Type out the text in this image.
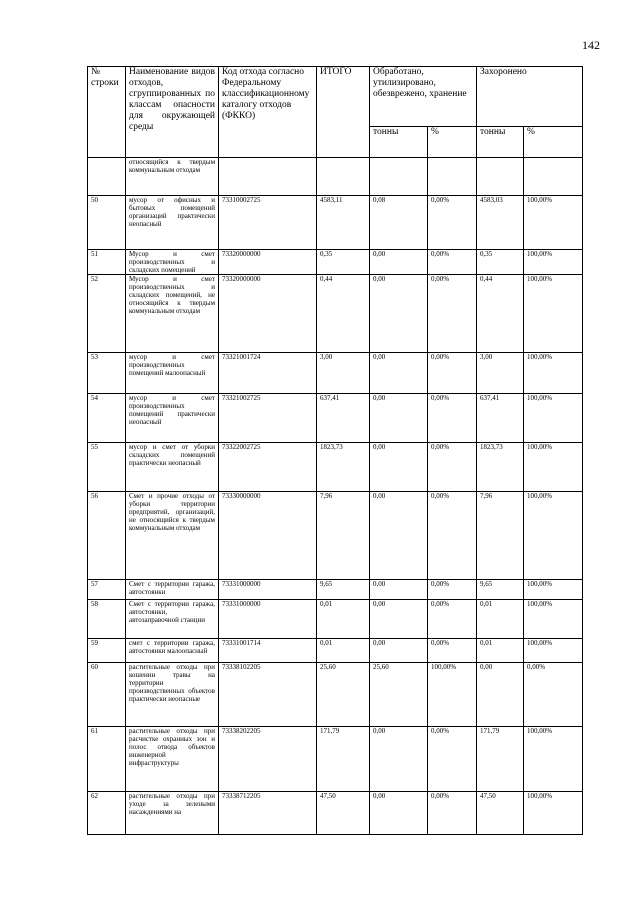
142
№ строки	Наименование видов отходов, сгруппированных по классам опасности для окружающей среды	Код отхода согласно Федеральному классификационному каталогу отходов (ФККО)	ИТОГО	Обработано, утилизировано, обезврежено, хранение		Захоронено	
				тонны	%	тонны	%
	относящийся к твердым коммунальным отходам						
50	мусор от офисных и бытовых помещений организаций практически неопасный	73310002725	4583,11	0,08	0,00%	4583,03	100,00%
51	Мусор и смет производственных и складских помещений	73320000000	0,35	0,00	0,00%	0,35	100,00%
52	Мусор и смет производственных и складских помещений, не относящийся к твердым коммунальным отходам	73320000000	0,44	0,00	0,00%	0,44	100,00%
53	мусор и смет производственных помещений малоопасный	73321001724	3,00	0,00	0,00%	3,00	100,00%
54	мусор и смет производственных помещений практически неопасный	73321002725	637,41	0,00	0,00%	637,41	100,00%
55	мусор и смет от уборки складских помещений практически неопасный	73322002725	1823,73	0,00	0,00%	1823,73	100,00%
56	Смет и прочие отходы от уборки территории предприятий, организаций, не относящийся к твердым коммунальным отходам	73330000000	7,96	0,00	0,00%	7,96	100,00%
57	Смет с территории гаража, автостоянки	73331000000	9,65	0,00	0,00%	9,65	100,00%
58	Смет с территории гаража, автостоянки, автозаправочной станции	73331000000	0,01	0,00	0,00%	0,01	100,00%
59	смет с территории гаража, автостоянки малоопасный	73331001714	0,01	0,00	0,00%	0,01	100,00%
60	растительные отходы при кошении травы на территории производственных объектов практически неопасные	73338102205	25,60	25,60	100,00%	0,00	0,00%
61	растительные отходы при расчистке охранных зон и полос отвода объектов инженерной инфраструктуры	73338202205	171,79	0,00	0,00%	171,79	100,00%
62	растительные отходы при уходе за зелеными насаждениями на	73338712205	47,50	0,00	0,00%	47,50	100,00%
